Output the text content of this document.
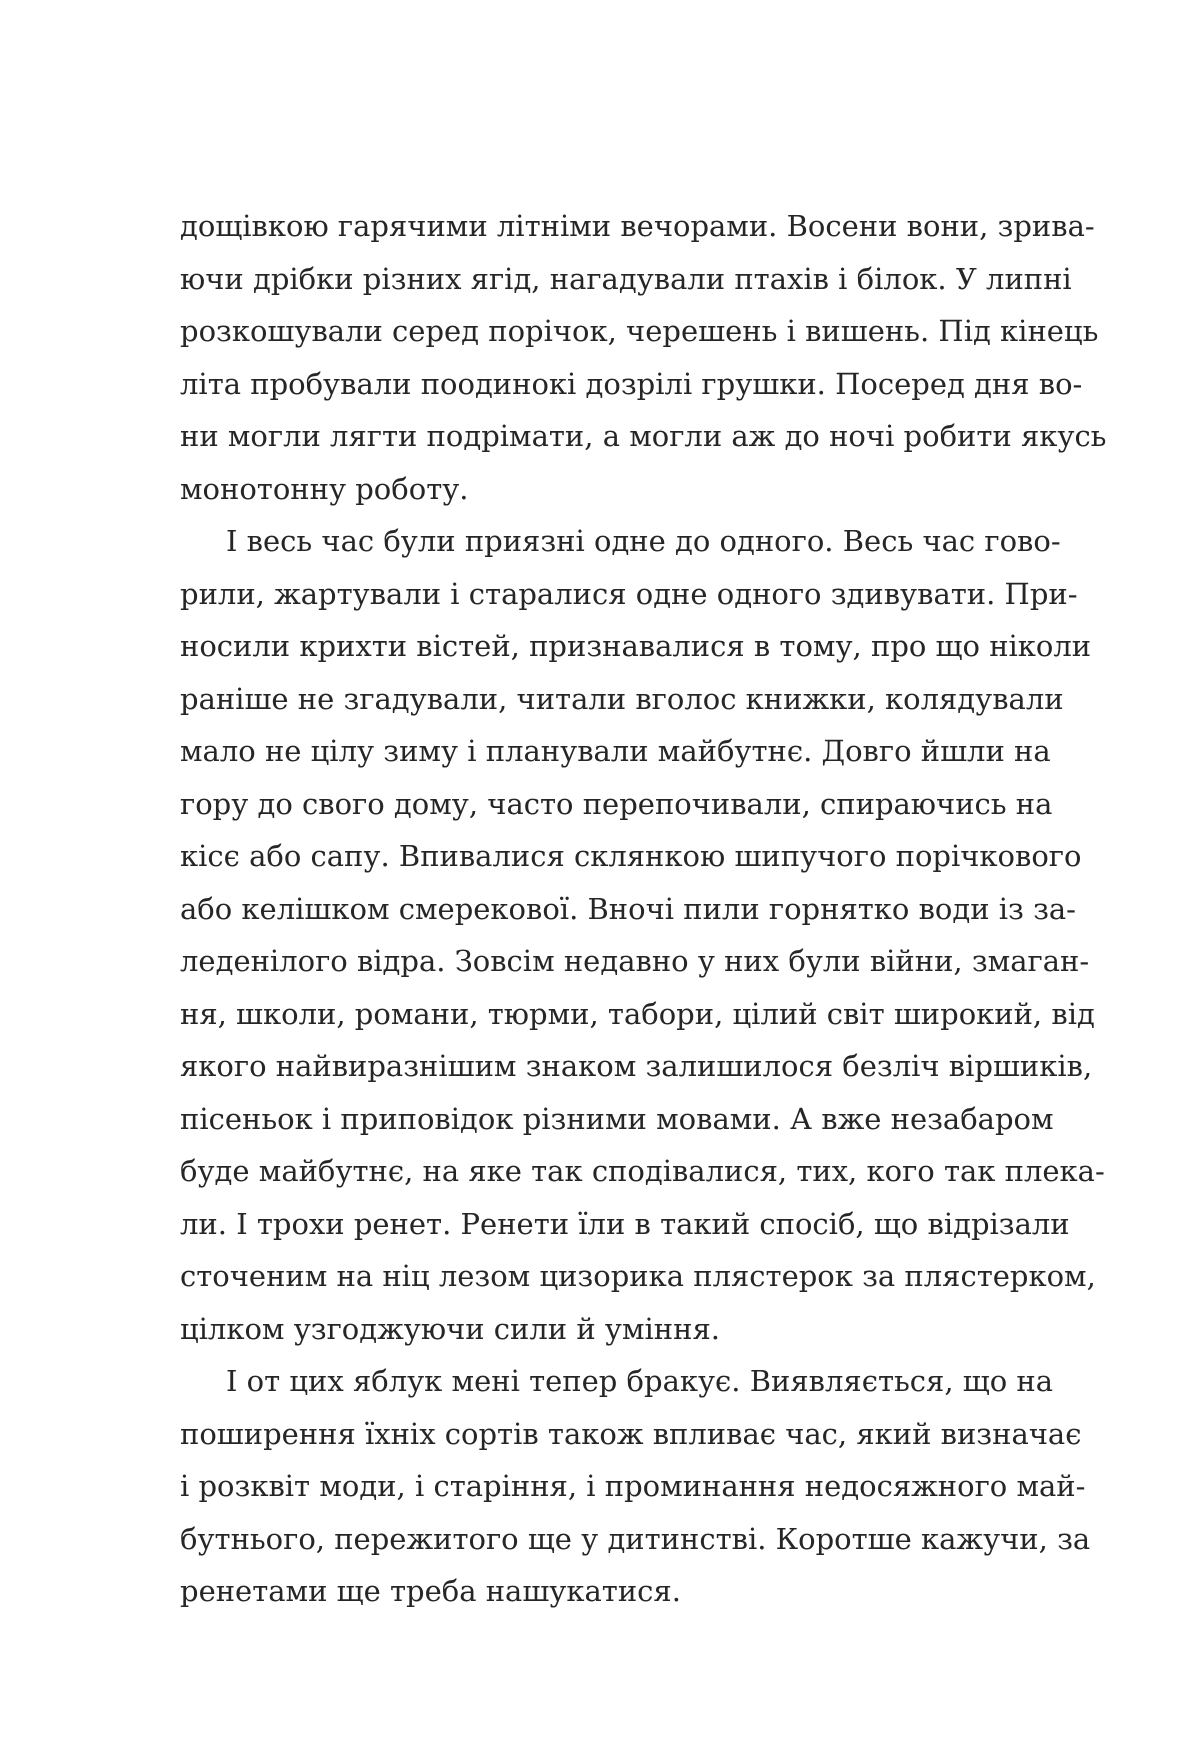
дощівкою гарячими літніми вечорами. Восени вони, зрива-
ючи дрібки різних ягід, нагадували птахів і білок. У липні
розкошували серед порічок, черешень і вишень. Під кінець
літа пробували поодинокі дозрілі грушки. Посеред дня во-
ни могли лягти подрімати, а могли аж до ночі робити якусь
монотонну роботу.
І весь час були приязні одне до одного. Весь час гово-
рили, жартували і старалися одне одного здивувати. При-
носили крихти вістей, признавалися в тому, про що ніколи
раніше не згадували, читали вголос книжки, колядували
мало не цілу зиму і планували майбутнє. Довго йшли на
гору до свого дому, часто перепочивали, спираючись на
кісє або сапу. Впивалися склянкою шипучого порічкового
або келішком смерекової. Вночі пили горнятко води із за-
леденілого відра. Зовсім недавно у них були війни, змаган-
ня, школи, романи, тюрми, табори, цілий світ широкий, від
якого найвиразнішим знаком залишилося безліч віршиків,
пісеньок і приповідок різними мовами. А вже незабаром
буде майбутнє, на яке так сподівалися, тих, кого так плека-
ли. І трохи ренет. Ренети їли в такий спосіб, що відрізали
сточеним на ніц лезом цизорика плястерок за плястерком,
цілком узгоджуючи сили й уміння.
І от цих яблук мені тепер бракує. Виявляється, що на
поширення їхніх сортів також впливає час, який визначає
і розквіт моди, і старіння, і проминання недосяжного май-
бутнього, пережитого ще у дитинстві. Коротше кажучи, за
ренетами ще треба нашукатися.
